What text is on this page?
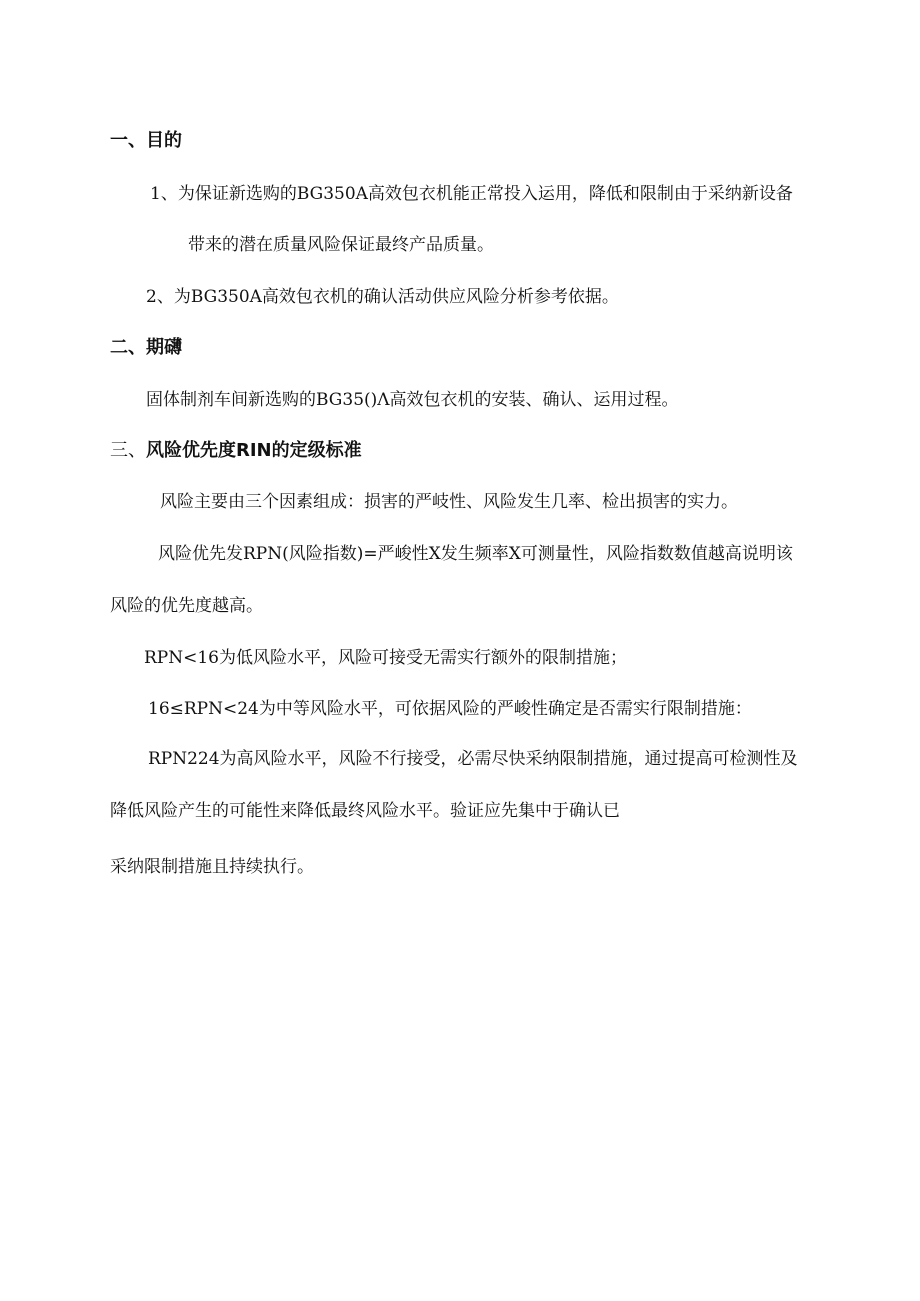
一、目的
1、为保证新选购的BG350A高效包衣机能正常投入运用，降低和限制由于采纳新设备
带来的潜在质量风险保证最终产品质量。
2、为BG350A高效包衣机的确认活动供应风险分析参考依据。
二、期礴
固体制剂车间新选购的BG35()Λ高效包衣机的安装、确认、运用过程。
三、风险优先度RIN的定级标准
风险主要由三个因素组成：损害的严岐性、风险发生几率、检出损害的实力。
风险优先发RPN(风险指数)=严峻性X发生频率X可测量性，风险指数数值越高说明该
风险的优先度越高。
RPN<16为低风险水平，风险可接受无需实行额外的限制措施；
16≤RPN<24为中等风险水平，可依据风险的严峻性确定是否需实行限制措施：
RPN224为高风险水平，风险不行接受，必需尽快采纳限制措施，通过提高可检测性及
降低风险产生的可能性来降低最终风险水平。验证应先集中于确认已
采纳限制措施且持续执行。
